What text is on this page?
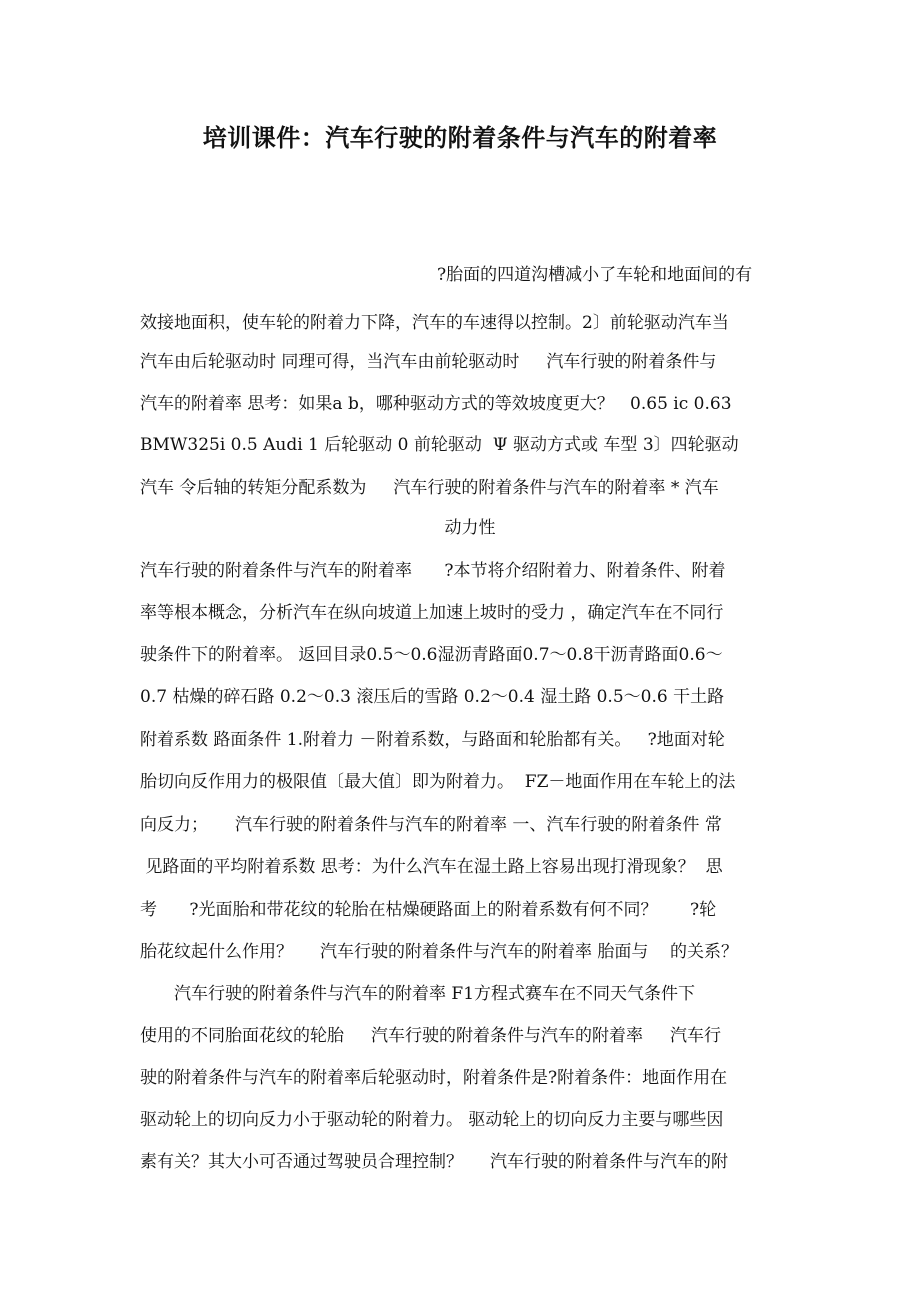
培训课件：汽车行驶的附着条件与汽车的附着率
?胎面的四道沟槽减小了车轮和地面间的有
效接地面积，使车轮的附着力下降，汽车的车速得以控制。2〕前轮驱动汽车当
汽车由后轮驱动时 同理可得，当汽车由前轮驱动时     汽车行驶的附着条件与
汽车的附着率 思考：如果a b，哪种驱动方式的等效坡度更大？   0.65 ic 0.63
BMW325i 0.5 Audi 1 后轮驱动 0 前轮驱动  Ψ 驱动方式或 车型 3〕四轮驱动
汽车 令后轴的转矩分配系数为     汽车行驶的附着条件与汽车的附着率 * 汽车
动力性
汽车行驶的附着条件与汽车的附着率      ?本节将介绍附着力、附着条件、附着
率等根本概念，分析汽车在纵向坡道上加速上坡时的受力 ，确定汽车在不同行
驶条件下的附着率。 返回目录0.5～0.6湿沥青路面0.7～0.8干沥青路面0.6～
0.7 枯燥的碎石路 0.2～0.3 滚压后的雪路 0.2～0.4 湿土路 0.5～0.6 干土路
附着系数 路面条件 1.附着力 －附着系数，与路面和轮胎都有关。   ?地面对轮
胎切向反作用力的极限值〔最大值〕即为附着力。  FZ－地面作用在车轮上的法
向反力；     汽车行驶的附着条件与汽车的附着率 一、汽车行驶的附着条件 常
见路面的平均附着系数 思考：为什么汽车在湿土路上容易出现打滑现象？  思
考      ?光面胎和带花纹的轮胎在枯燥硬路面上的附着系数有何不同？      ?轮
胎花纹起什么作用？     汽车行驶的附着条件与汽车的附着率 胎面与    的关系？
汽车行驶的附着条件与汽车的附着率 F1方程式赛车在不同天气条件下
使用的不同胎面花纹的轮胎     汽车行驶的附着条件与汽车的附着率     汽车行
驶的附着条件与汽车的附着率后轮驱动时，附着条件是?附着条件：地面作用在
驱动轮上的切向反力小于驱动轮的附着力。 驱动轮上的切向反力主要与哪些因
素有关？其大小可否通过驾驶员合理控制？     汽车行驶的附着条件与汽车的附
